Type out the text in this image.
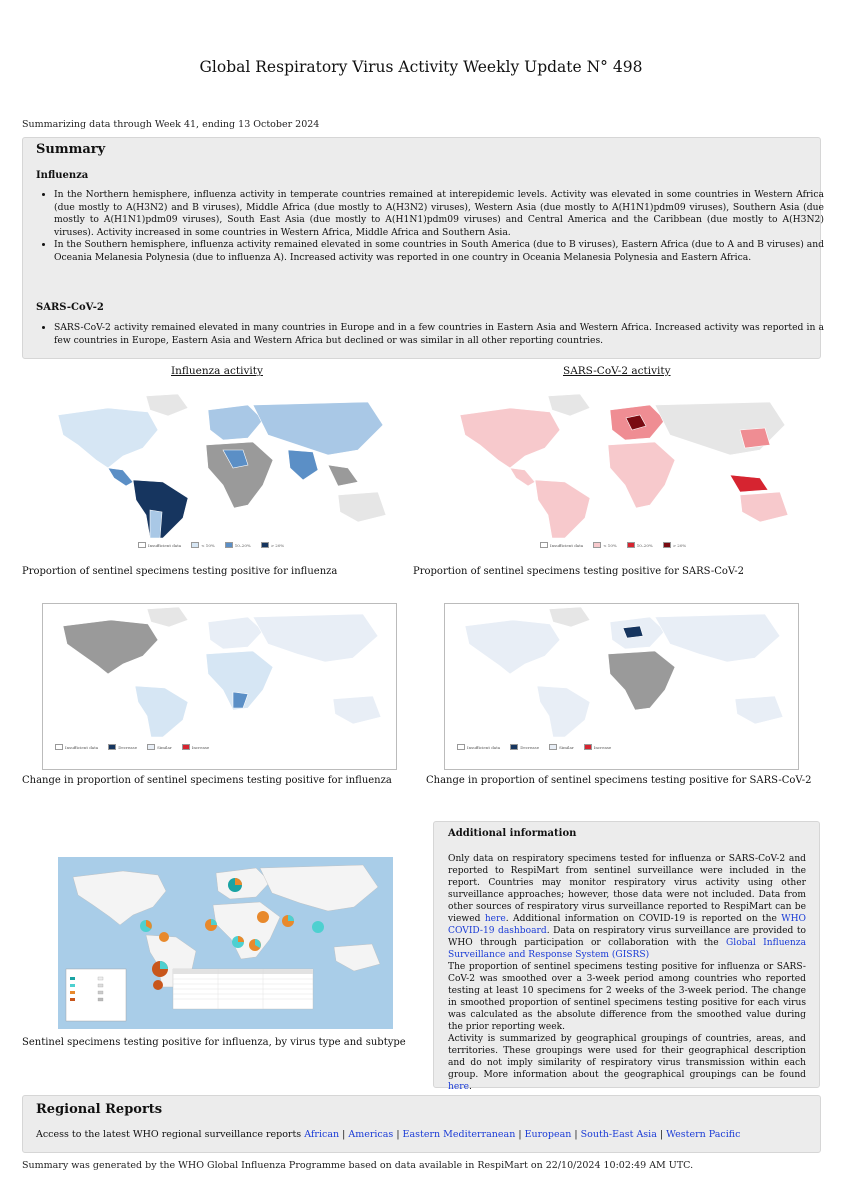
Global Respiratory Virus Activity Weekly Update N° 498
Summarizing data through Week 41, ending 13 October 2024
Summary
Influenza
• In the Northern hemisphere, influenza activity in temperate countries remained at interepidemic levels. Activity was elevated in some countries in Western Africa (due mostly to A(H3N2) and B viruses), Middle Africa (due mostly to A(H3N2) viruses), Western Asia (due mostly to A(H1N1)pdm09 viruses), Southern Asia (due mostly to A(H1N1)pdm09 viruses), South East Asia (due mostly to A(H1N1)pdm09 viruses) and Central America and the Caribbean (due mostly to A(H3N2) viruses). Activity increased in some countries in Western Africa, Middle Africa and Southern Asia.
• In the Southern hemisphere, influenza activity remained elevated in some countries in South America (due to B viruses), Eastern Africa (due to A and B viruses) and Oceania Melanesia Polynesia (due to influenza A). Increased activity was reported in one country in Oceania Melanesia Polynesia and Eastern Africa.
SARS-CoV-2
• SARS-CoV-2 activity remained elevated in many countries in Europe and in a few countries in Eastern Asia and Western Africa. Increased activity was reported in a few countries in Europe, Eastern Asia and Western Africa but declined or was similar in all other reporting countries.
Influenza activity	SARS-CoV-2 activity
Insufficient data	< 10%	10–20%	> 20%	Insufficient data	< 10%	10–20%	> 20%
Proportion of sentinel specimens testing positive for influenza	Proportion of sentinel specimens testing positive for SARS-CoV-2
Insufficient data	Decrease	Similar	Increase	Insufficient data	Decrease	Similar	Increase
Change in proportion of sentinel specimens testing positive for influenza	Change in proportion of sentinel specimens testing positive for SARS-CoV-2
Sentinel specimens testing positive for influenza, by virus type and subtype
Additional information

Only data on respiratory specimens tested for influenza or SARS-CoV-2 and reported to RespiMart from sentinel surveillance were included in the report. Countries may monitor respiratory virus activity using other surveillance approaches; however, those data were not included. Data from other sources of respiratory virus surveillance reported to RespiMart can be viewed here. Additional information on COVID-19 is reported on the WHO COVID-19 dashboard. Data on respiratory virus surveillance are provided to WHO through participation or collaboration with the Global Influenza Surveillance and Response System (GISRS)

The proportion of sentinel specimens testing positive for influenza or SARS-CoV-2 was smoothed over a 3-week period among countries who reported testing at least 10 specimens for 2 weeks of the 3-week period. The change in smoothed proportion of sentinel specimens testing positive for each virus was calculated as the absolute difference from the smoothed value during the prior reporting week.

Activity is summarized by geographical groupings of countries, areas, and territories. These groupings were used for their geographical description and do not imply similarity of respiratory virus transmission within each group. More information about the geographical groupings can be found here.

Regional Reports
Access to the latest WHO regional surveillance reports African | Americas | Eastern Mediterranean | European | South-East Asia | Western Pacific
Summary was generated by the WHO Global Influenza Programme based on data available in RespiMart on 22/10/2024 10:02:49 AM UTC.
